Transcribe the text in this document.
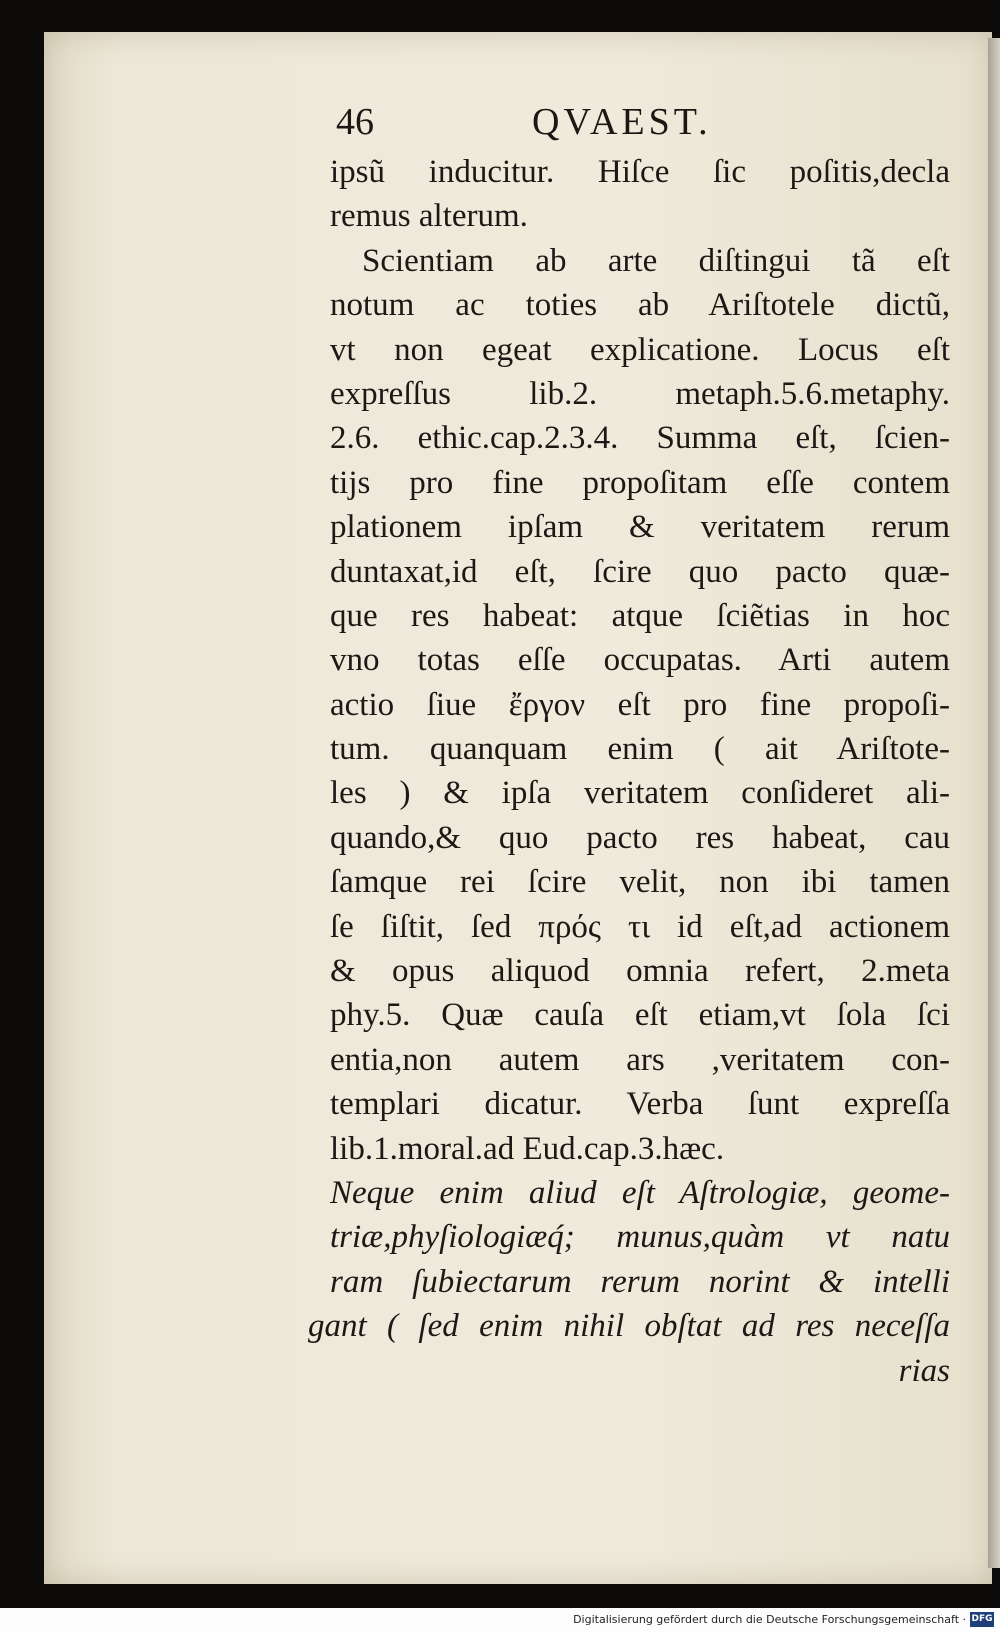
46	QVAEST.
ipsũ inducitur. Hiſce ſic poſitis,decla
remus alterum.
Scientiam ab arte diſtingui tã eſt
notum ac toties ab Ariſtotele dictũ,
vt non egeat explicatione. Locus eſt
expreſſus lib.2. metaph.5.6.metaphy.
2.6. ethic.cap.2.3.4. Summa eſt, ſcien-
tijs pro fine propoſitam eſſe contem
plationem ipſam & veritatem rerum
duntaxat,id eſt, ſcire quo pacto quæ-
que res habeat: atque ſciẽtias in hoc
vno totas eſſe occupatas. Arti autem
actio ſiue ἔργον eſt pro fine propoſi-
tum. quanquam enim ( ait Ariſtote-
les ) & ipſa veritatem conſideret ali-
quando,& quo pacto res habeat, cau
ſamque rei ſcire velit, non ibi tamen
ſe ſiſtit, ſed πρός τι id eſt,ad actionem
& opus aliquod omnia refert, 2.meta
phy.5. Quæ cauſa eſt etiam,vt ſola ſci
entia,non autem ars ,veritatem con-
templari dicatur. Verba ſunt expreſſa
lib.1.moral.ad Eud.cap.3.hæc.
Neque enim aliud eſt Aſtrologiæ, geome-
triæ,phyſiologiæq́; munus,quàm vt natu
ram ſubiectarum rerum norint & intelli
gant ( ſed enim nihil obſtat ad res neceſſa
rias
Digitalisierung gefördert durch die Deutsche Forschungsgemeinschaft · DFG
